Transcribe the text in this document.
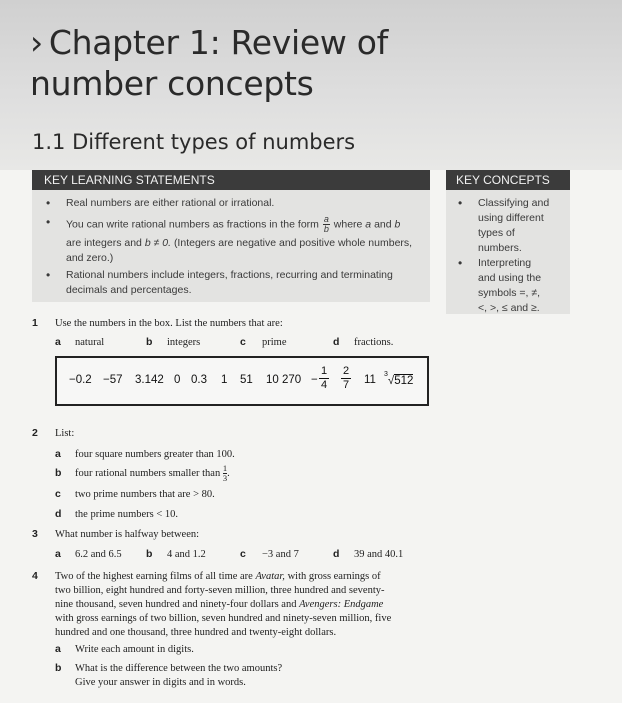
› Chapter 1: Review of
number concepts
1.1 Different types of numbers
KEY LEARNING STATEMENTS
• Real numbers are either rational or irrational.
• You can write rational numbers as fractions in the form $\frac{a}{b}$ where a and b
are integers and b ≠ 0. (Integers are negative and positive whole numbers,
and zero.)
• Rational numbers include integers, fractions, recurring and terminating
decimals and percentages.
KEY CONCEPTS
• Classifying and
using different
types of
numbers.
• Interpreting
and using the
symbols =, ≠,
<, >, ≤ and ≥.
1 Use the numbers in the box. List the numbers that are:
a natural	b integers	c prime	d fractions.
−0.2 −57 3.142 0 0.3 1 51 10 270 −
1
4
2
7 11 $^3$√512
2 List:
a four square numbers greater than 100.
b four rational numbers smaller than $\frac{1}{3}$ .
c two prime numbers that are > 80.
d the prime numbers < 10.
3 What number is halfway between:
a 6.2 and 6.5 b 4 and 1.2	c −3 and 7	d 39 and 40.1
4 Two of the highest earning films of all time are Avatar, with gross earnings of
two billion, eight hundred and forty-seven million, three hundred and seventy-
nine thousand, seven hundred and ninety-four dollars and Avengers: Endgame
with gross earnings of two billion, seven hundred and ninety-seven million, five
hundred and one thousand, three hundred and twenty-eight dollars.
a Write each amount in digits.
b What is the difference between the two amounts?
Give your answer in digits and in words.
